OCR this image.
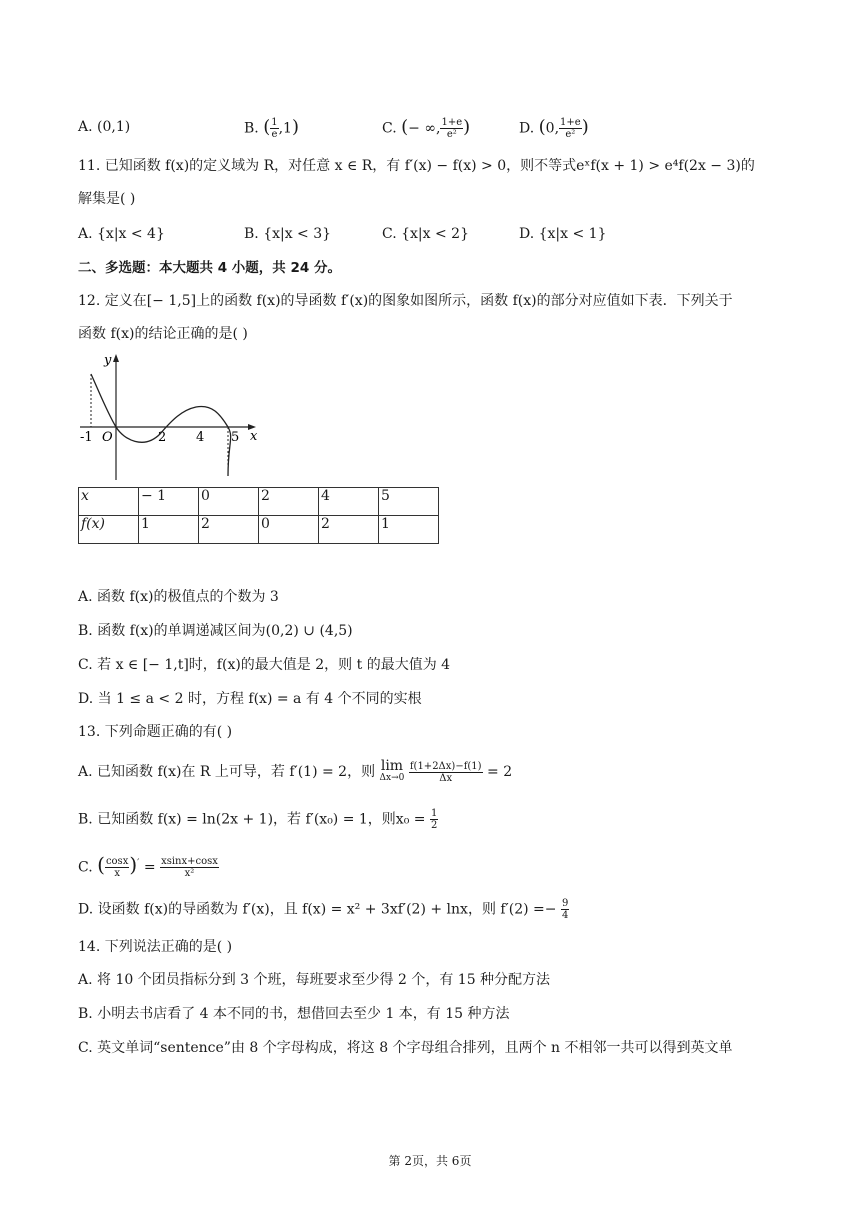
A. (0,1)	B. ( $\frac{1}{e} ,1$)	C. (− ∞, $\frac{1+e}{\text{e²}}$ )	D. (0, $\frac{1+e}{\text{e²}}$ )
11. 已知函数 f(x)的定义域为 R，对任意 x ∈ R，有 f′(x) − f(x) > 0，则不等式eˣf(x + 1) > e⁴f(2x − 3)的
解集是( )
A. {x|x < 4}	B. {x|x < 3}	C. {x|x < 2}	D. {x|x < 1}
二、多选题：本大题共 4 小题，共 24 分。
12. 定义在[− 1,5]上的函数 f(x)的导函数 f′(x)的图象如图所示，函数 f(x)的部分对应值如下表．下列关于
函数 f(x)的结论正确的是( )
y
x
-1 O	2 4 5
x	− 1	0	2	4	5
f(x)	1	2	0	2	1
A. 函数 f(x)的极值点的个数为 3
B. 函数 f(x)的单调递减区间为(0,2) ∪ (4,5)
C. 若 x ∈ [− 1,t]时，f(x)的最大值是 2，则 t 的最大值为 4
D. 当 1 ≤ a < 2 时，方程 f(x) = a 有 4 个不同的实根
13. 下列命题正确的有( )
A. 已知函数 f(x)在 R 上可导，若 f′(1) = 2，则 lim
Δx→0
$\frac{f(1+2\Delta x)-f(1)}{\Delta x} = 2$
B. 已知函数 f(x) = ln(2x + 1)，若 f′(x₀) = 1，则$x_0 = \frac{1}{2}$
C. ( $\frac{\cos x}{x} )' = \frac{xsinx+\cos x}{\text{x²}}$
D. 设函数 f(x)的导函数为 f′(x)，且 f(x) = x² + 3xf′(2) + lnx，则 $f'(2) =- \frac{9}{4}$
14. 下列说法正确的是( )
A. 将 10 个团员指标分到 3 个班，每班要求至少得 2 个，有 15 种分配方法
B. 小明去书店看了 4 本不同的书，想借回去至少 1 本，有 15 种方法
C. 英文单词“sentence”由 8 个字母构成，将这 8 个字母组合排列，且两个 n 不相邻一共可以得到英文单
第 2页，共 6页
